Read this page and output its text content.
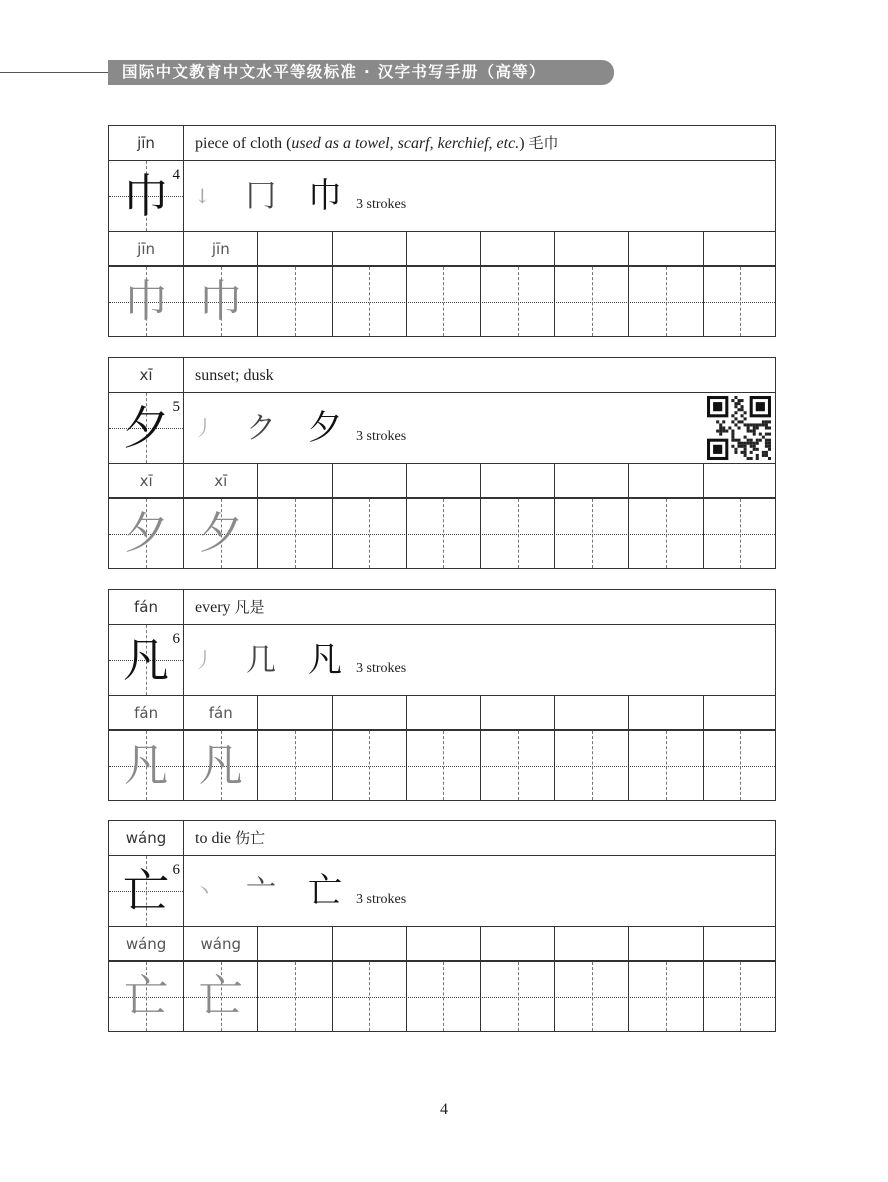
国际中文教育中文水平等级标准 · 汉字书写手册（高等）
jīn	piece of cloth (used as a towel, scarf, kerchief, etc.) 毛巾
巾 4
↓ 冂 巾 3 strokes
jīn	jīn
巾 巾
xī	sunset; dusk
夕 5
丿 ク 夕 3 strokes
xī	xī
夕 夕
fán	every 凡是
凡 6
丿 几 凡 3 strokes
fán	fán
凡 凡
wáng	to die 伤亡
亡 6
丶 亠 亡 3 strokes
wáng	wáng
亡 亡
4
